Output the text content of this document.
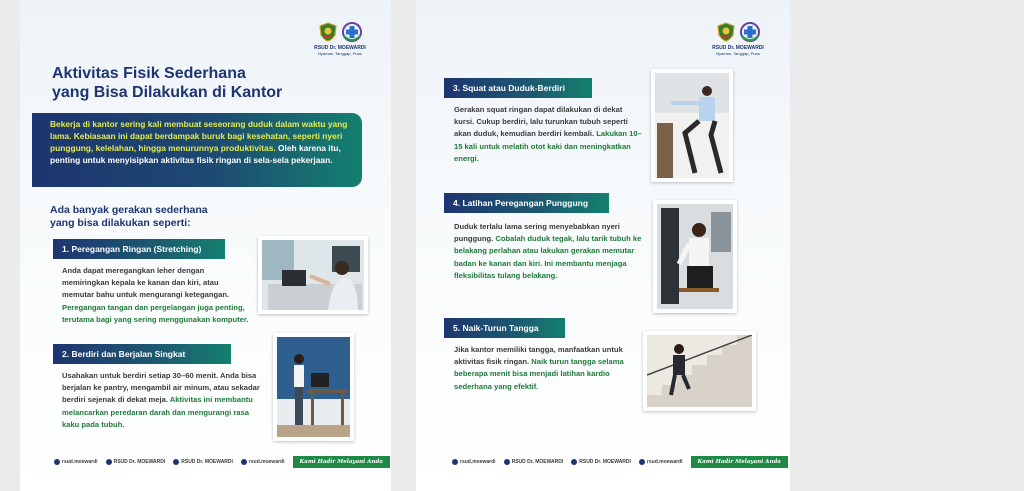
RSUD Dr. MOEWARDI
Nyaman, Tanggap, Puas
Aktivitas Fisik Sederhana
yang Bisa Dilakukan di Kantor
Bekerja di kantor sering kali membuat seseorang duduk dalam waktu yang lama. Kebiasaan ini dapat berdampak buruk bagi kesehatan, seperti nyeri punggung, kelelahan, hingga menurunnya produktivitas. Oleh karena itu, penting untuk menyisipkan aktivitas fisik ringan di sela-sela pekerjaan.
Ada banyak gerakan sederhana
yang bisa dilakukan seperti:
1. Peregangan Ringan (Stretching)
Anda dapat meregangkan leher dengan memiringkan kepala ke kanan dan kiri, atau memutar bahu untuk mengurangi ketegangan. Peregangan tangan dan pergelangan juga penting, terutama bagi yang sering menggunakan komputer.
2. Berdiri dan Berjalan Singkat
Usahakan untuk berdiri setiap 30–60 menit. Anda bisa berjalan ke pantry, mengambil air minum, atau sekadar berdiri sejenak di dekat meja. Aktivitas ini membantu melancarkan peredaran darah dan mengurangi rasa kaku pada tubuh.
rsud.moewardi	RSUD Dr. MOEWARDI	RSUD Dr. MOEWARDI	rsud.moewardi	Kami Hadir Melayani Anda
RSUD Dr. MOEWARDI
Nyaman, Tanggap, Puas
3. Squat atau Duduk-Berdiri
Gerakan squat ringan dapat dilakukan di dekat kursi. Cukup berdiri, lalu turunkan tubuh seperti akan duduk, kemudian berdiri kembali. Lakukan 10–15 kali untuk melatih otot kaki dan meningkatkan energi.
4. Latihan Peregangan Punggung
Duduk terlalu lama sering menyebabkan nyeri punggung. Cobalah duduk tegak, lalu tarik tubuh ke belakang perlahan atau lakukan gerakan memutar badan ke kanan dan kiri. Ini membantu menjaga fleksibilitas tulang belakang.
5. Naik-Turun Tangga
Jika kantor memiliki tangga, manfaatkan untuk aktivitas fisik ringan. Naik turun tangga selama beberapa menit bisa menjadi latihan kardio sederhana yang efektif.
rsud.moewardi	RSUD Dr. MOEWARDI	RSUD Dr. MOEWARDI	rsud.moewardi	Kami Hadir Melayani Anda
